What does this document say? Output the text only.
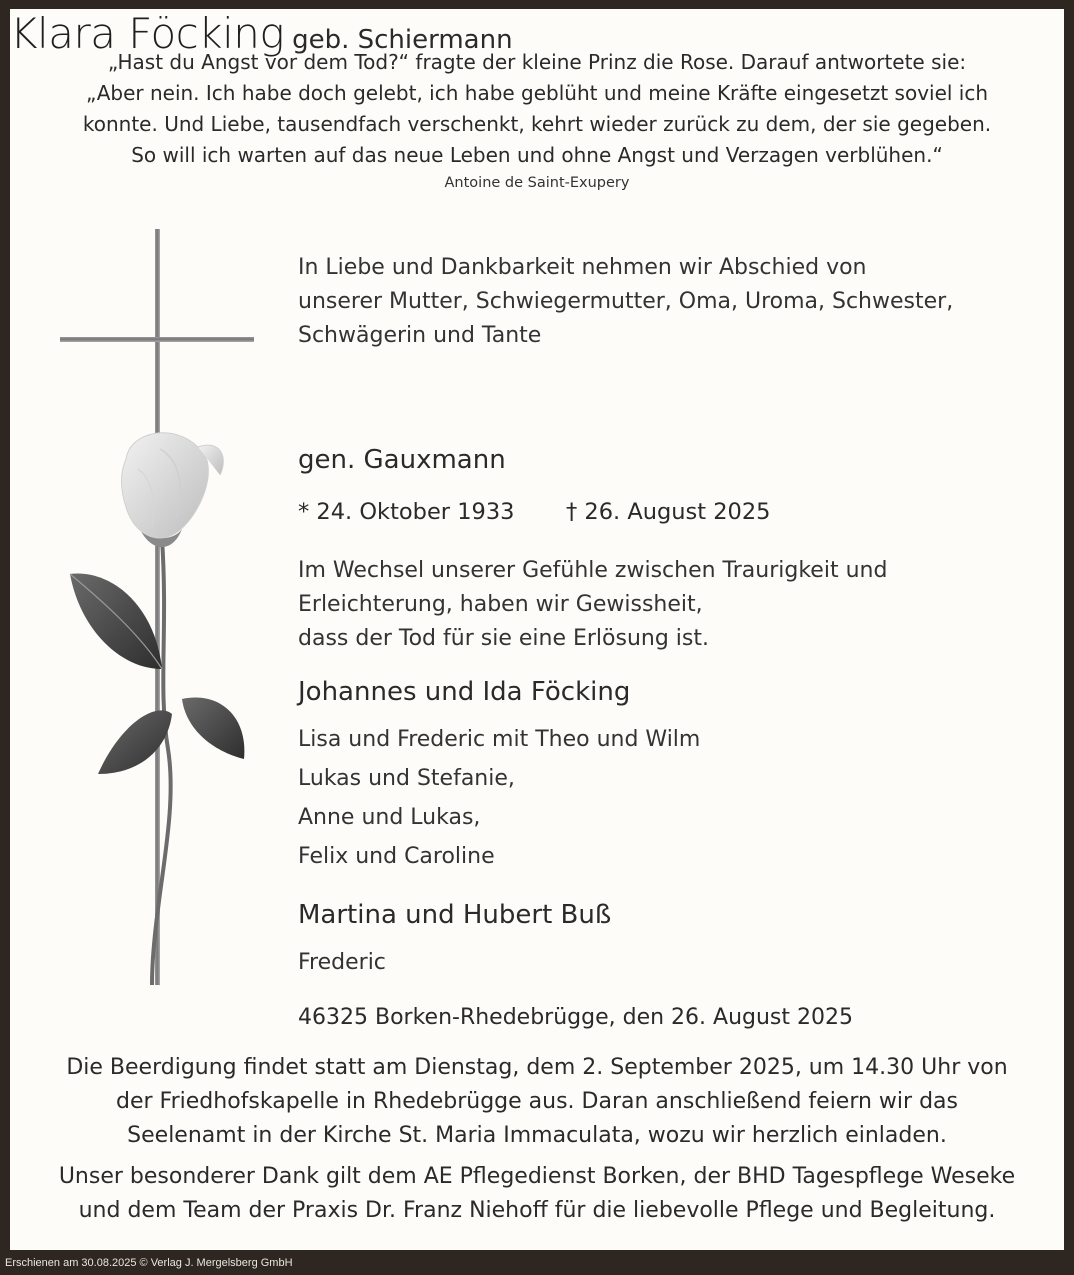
„Hast du Angst vor dem Tod?“ fragte der kleine Prinz die Rose. Darauf antwortete sie:
„Aber nein. Ich habe doch gelebt, ich habe geblüht und meine Kräfte eingesetzt soviel ich
konnte. Und Liebe, tausendfach verschenkt, kehrt wieder zurück zu dem, der sie gegeben.
So will ich warten auf das neue Leben und ohne Angst und Verzagen verblühen.“
Antoine de Saint-Exupery
In Liebe und Dankbarkeit nehmen wir Abschied von
unserer Mutter, Schwiegermutter, Oma, Uroma, Schwester,
Schwägerin und Tante
Klara Föcking geb. Schiermann
gen. Gauxmann
* 24. Oktober 1933 † 26. August 2025
Im Wechsel unserer Gefühle zwischen Traurigkeit und
Erleichterung, haben wir Gewissheit,
dass der Tod für sie eine Erlösung ist.
Johannes und Ida Föcking
Lisa und Frederic mit Theo und Wilm
Lukas und Stefanie,
Anne und Lukas,
Felix und Caroline
Martina und Hubert Buß
Frederic
46325 Borken-Rhedebrügge, den 26. August 2025
Die Beerdigung findet statt am Dienstag, dem 2. September 2025, um 14.30 Uhr von
der Friedhofskapelle in Rhedebrügge aus. Daran anschließend feiern wir das
Seelenamt in der Kirche St. Maria Immaculata, wozu wir herzlich einladen.
Unser besonderer Dank gilt dem AE Pflegedienst Borken, der BHD Tagespflege Weseke
und dem Team der Praxis Dr. Franz Niehoff für die liebevolle Pflege und Begleitung.
Erschienen am 30.08.2025 © Verlag J. Mergelsberg GmbH
